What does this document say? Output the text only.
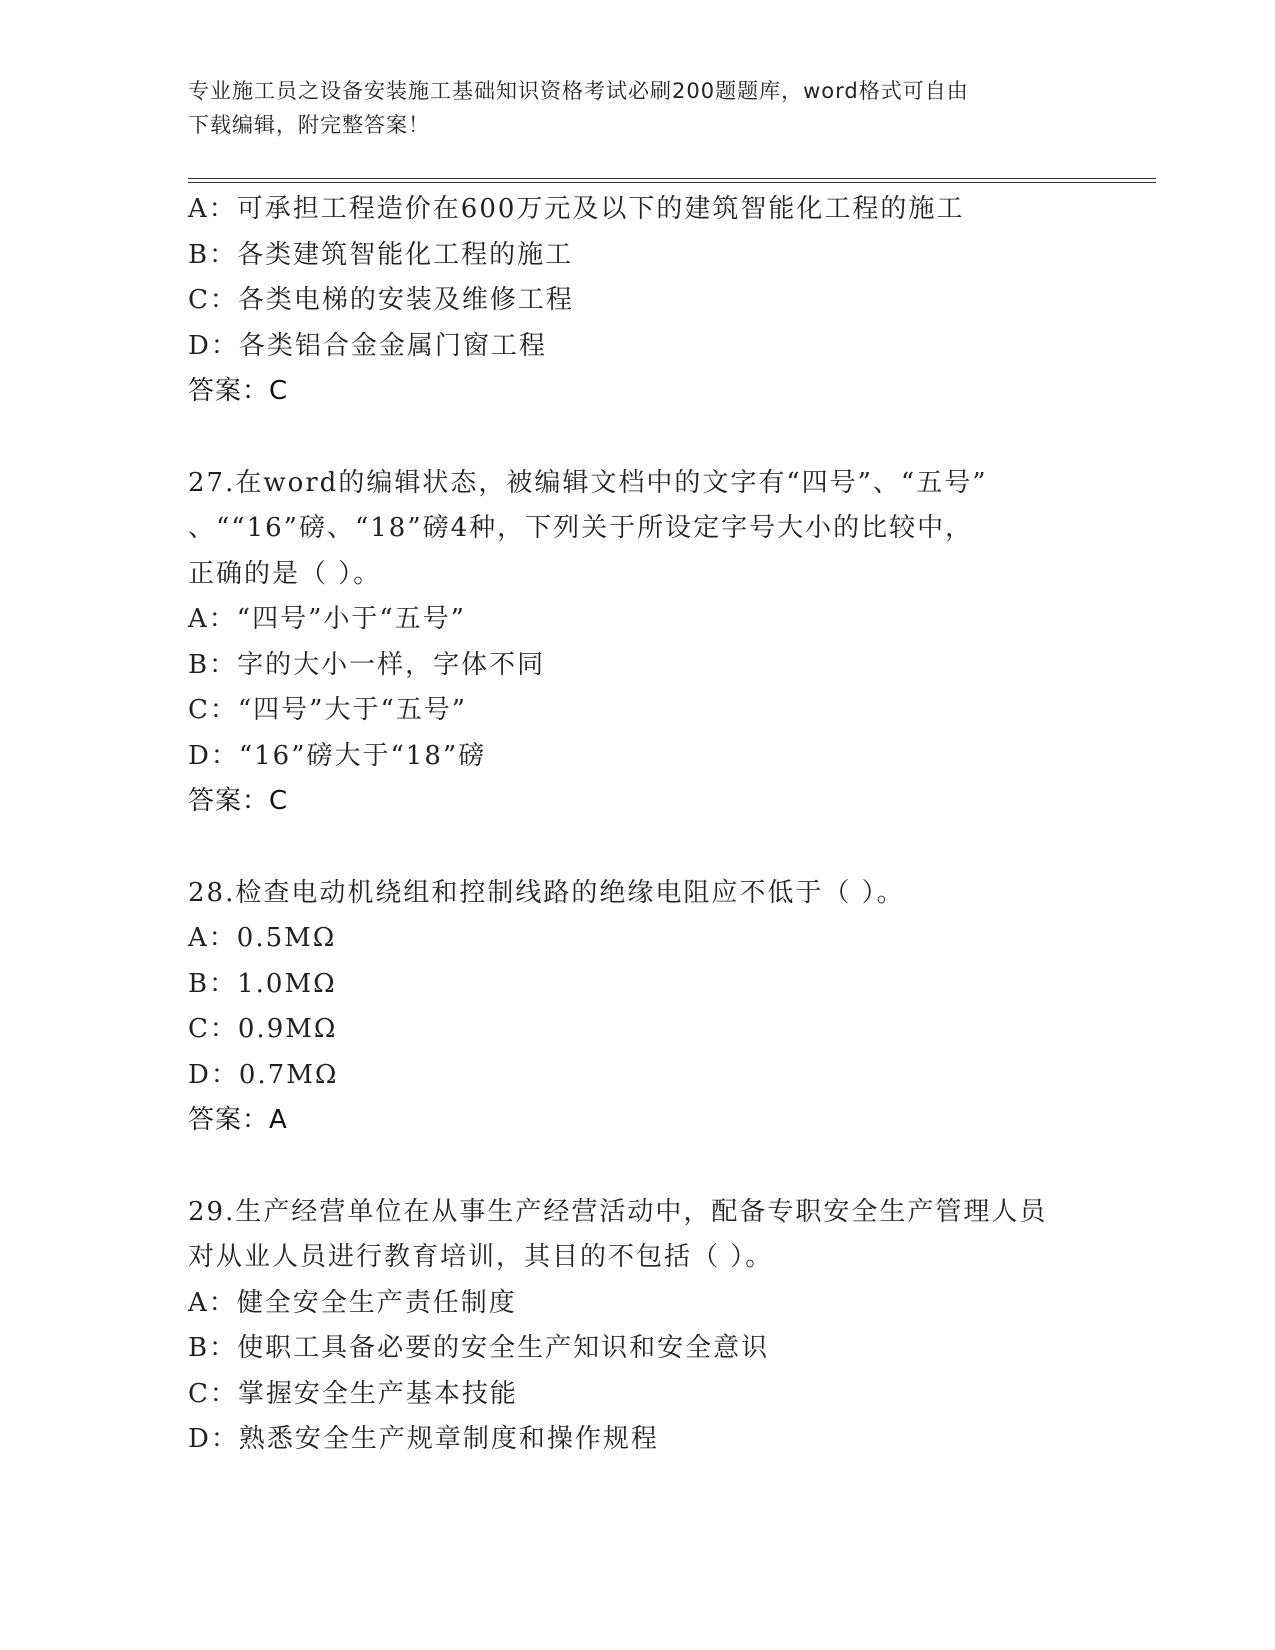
专业施工员之设备安装施工基础知识资格考试必刷200题题库，word格式可自由
下载编辑，附完整答案！
A：可承担工程造价在600万元及以下的建筑智能化工程的施工
B：各类建筑智能化工程的施工
C：各类电梯的安装及维修工程
D：各类铝合金金属门窗工程
答案：C
27.在word的编辑状态，被编辑文档中的文字有“四号”、“五号”
、““16”磅、“18”磅4种，下列关于所设定字号大小的比较中，
正确的是（ ）。
A：“四号”小于“五号”
B：字的大小一样，字体不同
C：“四号”大于“五号”
D：“16”磅大于“18”磅
答案：C
28.检查电动机绕组和控制线路的绝缘电阻应不低于（ ）。
A：0.5MΩ
B：1.0MΩ
C：0.9MΩ
D：0.7MΩ
答案：A
29.生产经营单位在从事生产经营活动中，配备专职安全生产管理人员
对从业人员进行教育培训，其目的不包括（ ）。
A：健全安全生产责任制度
B：使职工具备必要的安全生产知识和安全意识
C：掌握安全生产基本技能
D：熟悉安全生产规章制度和操作规程
